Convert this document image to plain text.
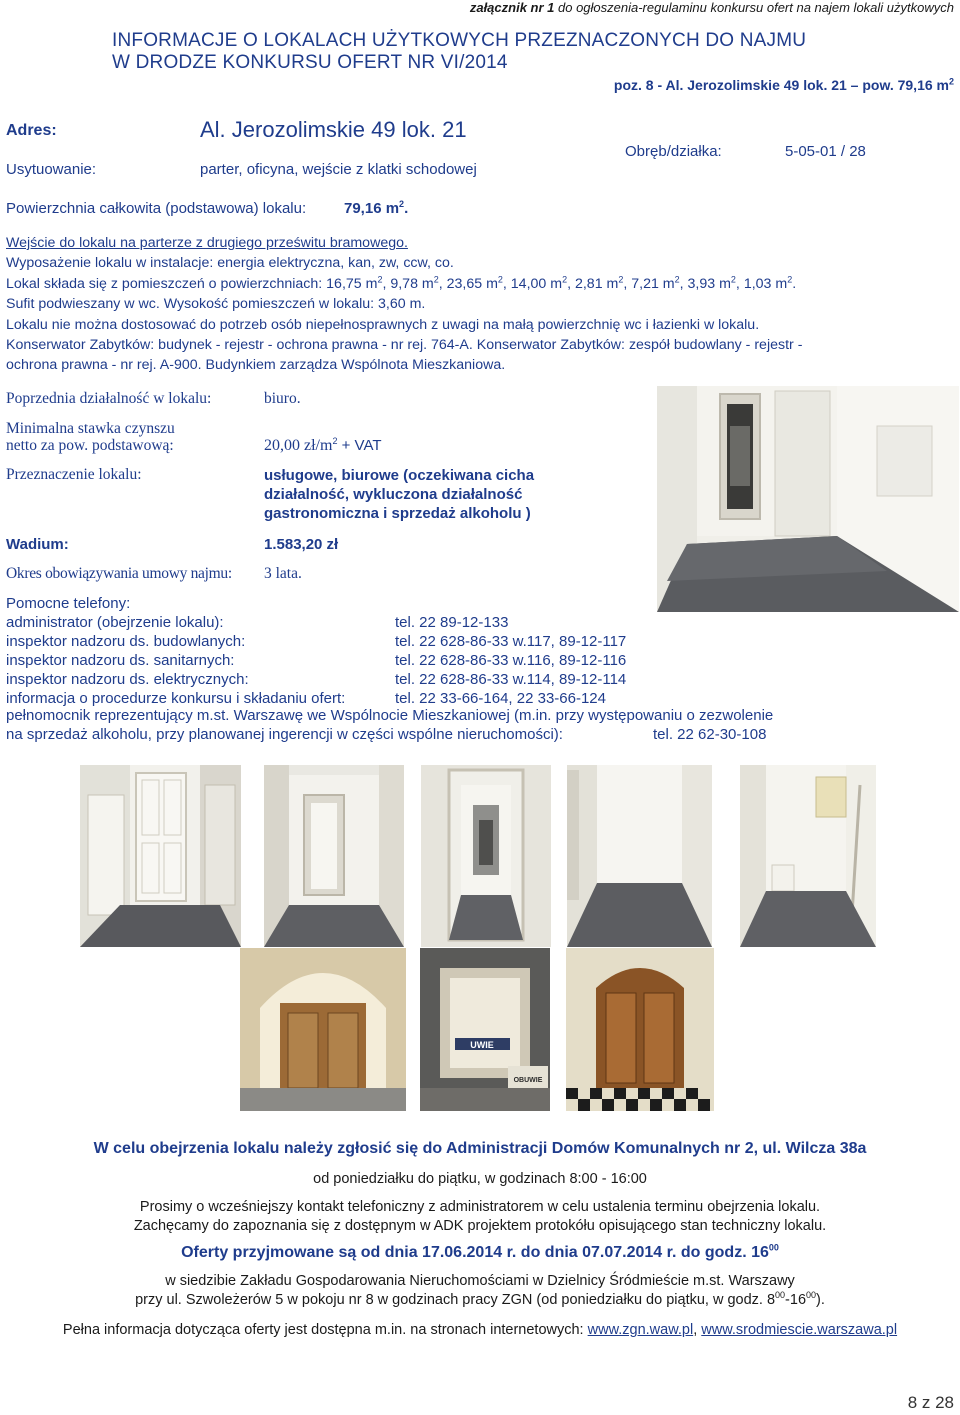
załącznik nr 1 do ogłoszenia-regulaminu konkursu ofert na najem lokali użytkowych
INFORMACJE O LOKALACH UŻYTKOWYCH PRZEZNACZONYCH DO NAJMU
W DRODZE KONKURSU OFERT NR VI/2014
poz. 8 - Al. Jerozolimskie 49 lok. 21 – pow. 79,16 $m^2$
Adres:	Al. Jerozolimskie 49 lok. 21
Usytuowanie:	parter, oficyna, wejście z klatki schodowej
Obręb/działka:	5-05-01 / 28
Powierzchnia całkowita (podstawowa) lokalu:	79,16 $m^2$.
Wejście do lokalu na parterze z drugiego prześwitu bramowego.
Wyposażenie lokalu w instalacje: energia elektryczna, kan, zw, ccw, co.
Lokal składa się z pomieszczeń o powierzchniach: 16,75 $m^2$, 9,78 $m^2$, 23,65 $m^2$, 14,00 $m^2$, 2,81 $m^2$, 7,21 $m^2$, 3,93 $m^2$, 1,03 $m^2$.
Sufit podwieszany w wc. Wysokość pomieszczeń w lokalu: 3,60 m.
Lokalu nie można dostosować do potrzeb osób niepełnosprawnych z uwagi na małą powierzchnię wc i łazienki w lokalu.
Konserwator Zabytków: budynek - rejestr - ochrona prawna - nr rej. 764-A. Konserwator Zabytków: zespół budowlany - rejestr -
ochrona prawna - nr rej. A-900. Budynkiem zarządza Wspólnota Mieszkaniowa.
Poprzednia działalność w lokalu:	biuro.
Minimalna stawka czynszu
netto za pow. podstawową:	20,00 $zł/m^2$ + VAT
Przeznaczenie lokalu:	usługowe, biurowe (oczekiwana cicha
działalność, wykluczona działalność
gastronomiczna i sprzedaż alkoholu )
Wadium:	1.583,20 zł
Okres obowiązywania umowy najmu: 3 lata.
Pomocne telefony:
administrator (obejrzenie lokalu):	tel. 22 89-12-133
inspektor nadzoru ds. budowlanych:	tel. 22 628-86-33 w.117, 89-12-117
inspektor nadzoru ds. sanitarnych:	tel. 22 628-86-33 w.116, 89-12-116
inspektor nadzoru ds. elektrycznych:	tel. 22 628-86-33 w.114, 89-12-114
informacja o procedurze konkursu i składaniu ofert:	tel. 22 33-66-164, 22 33-66-124
pełnomocnik reprezentujący m.st. Warszawę we Wspólnocie Mieszkaniowej (m.in. przy występowaniu o zezwolenie
na sprzedaż alkoholu, przy planowanej ingerencji w części wspólne nieruchomości):	tel. 22 62-30-108
UWIE
OBUWIE
W celu obejrzenia lokalu należy zgłosić się do Administracji Domów Komunalnych nr 2, ul. Wilcza 38a
od poniedziałku do piątku, w godzinach 8:00 - 16:00
Prosimy o wcześniejszy kontakt telefoniczny z administratorem w celu ustalenia terminu obejrzenia lokalu.
Zachęcamy do zapoznania się z dostępnym w ADK projektem protokółu opisującego stan techniczny lokalu.
Oferty przyjmowane są od dnia 17.06.2014 r. do dnia 07.07.2014 r. do godz. $16^{00}$
w siedzibie Zakładu Gospodarowania Nieruchomościami w Dzielnicy Śródmieście m.st. Warszawy
przy ul. Szwoleżerów 5 w pokoju nr 8 w godzinach pracy ZGN (od poniedziałku do piątku, w godz. $8^{00}-16^{00}$).
Pełna informacja dotycząca oferty jest dostępna m.in. na stronach internetowych: www.zgn.waw.pl, www.srodmiescie.warszawa.pl
8 z 28
